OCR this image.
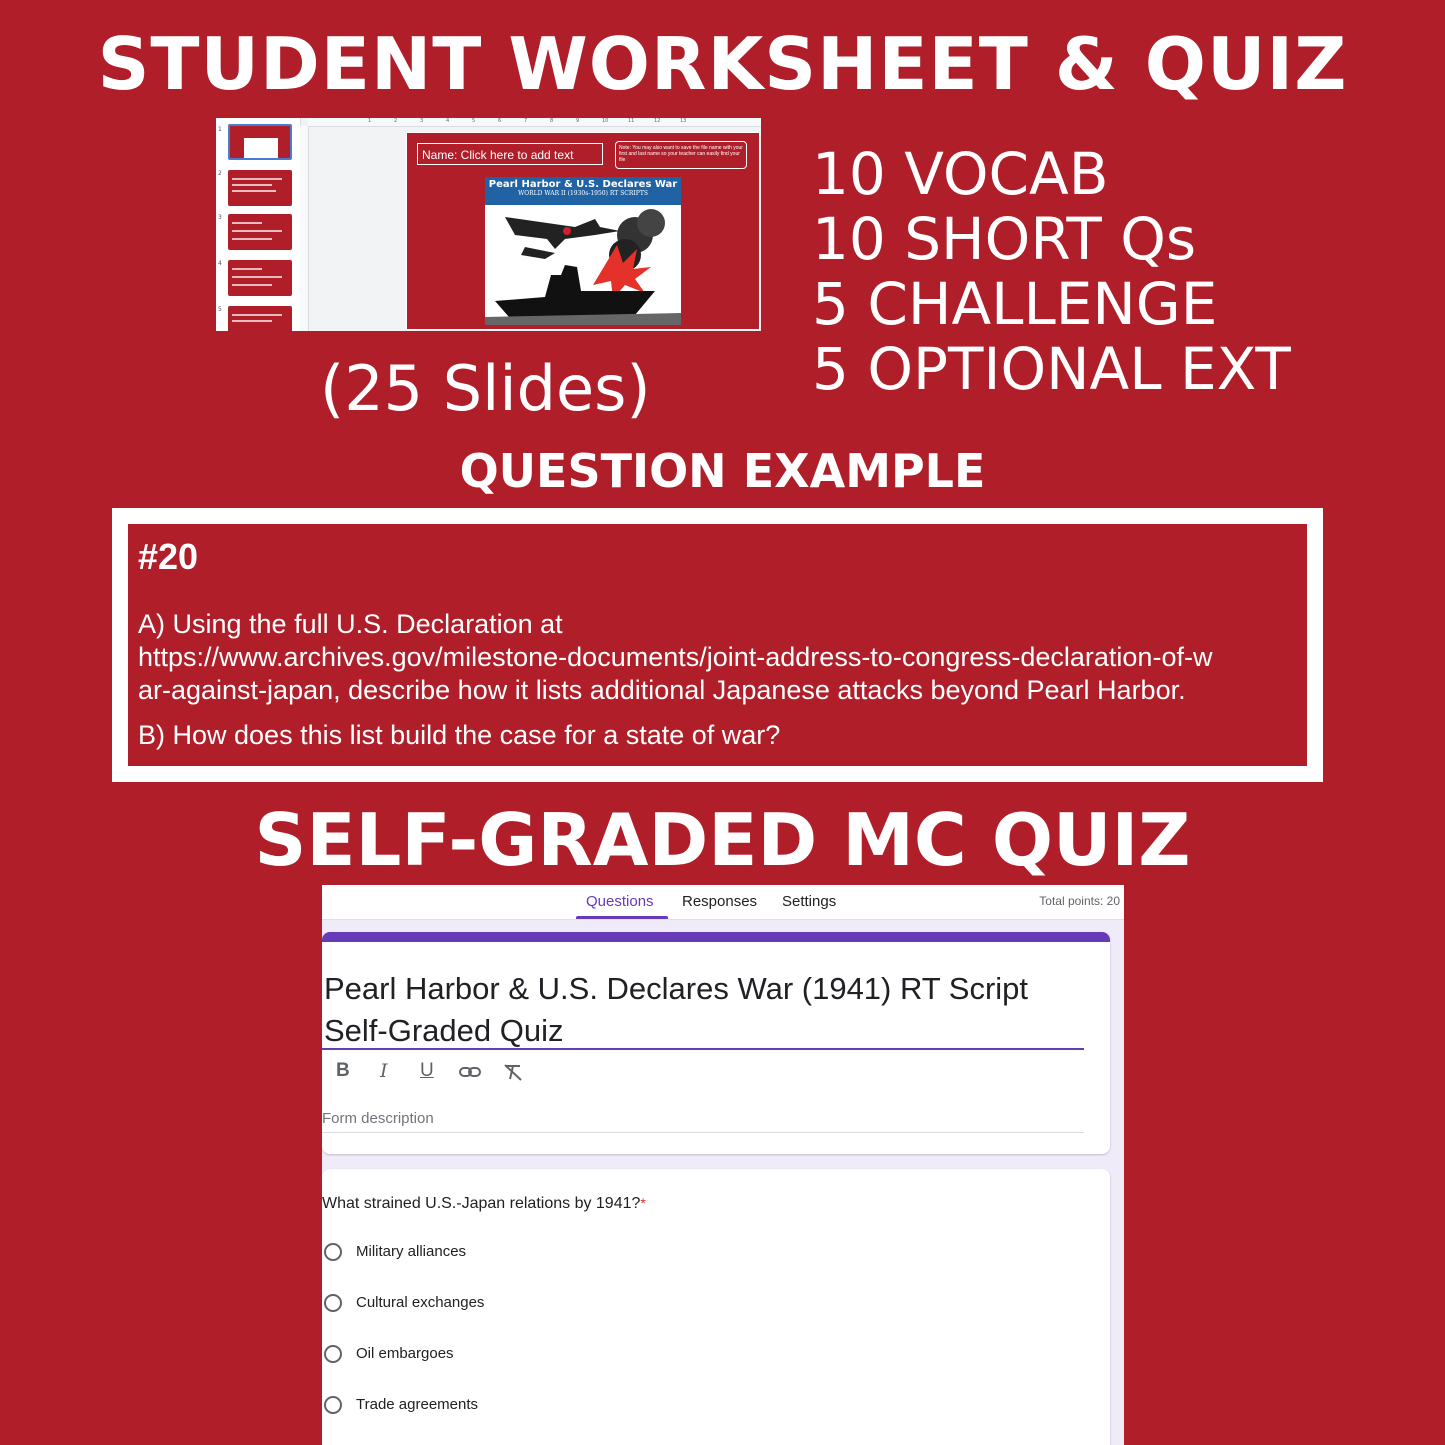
STUDENT WORKSHEET & QUIZ
1
2
3
4
5
1	2	3	4	5	6	7	8	9	10	11	12	13
Name: Click here to add text	Note: You may also want to save the file name with your first and last name so your teacher can easily find your file
Pearl Harbor & U.S. Declares War
WORLD WAR II (1930s-1950) RT SCRIPTS	10 VOCAB
10 SHORT Qs
5 CHALLENGE
5 OPTIONAL EXT
(25 Slides)
QUESTION EXAMPLE
#20
A) Using the full U.S. Declaration at
https://www.archives.gov/milestone-documents/joint-address-to-congress-declaration-of-w
ar-against-japan, describe how it lists additional Japanese attacks beyond Pearl Harbor.
B) How does this list build the case for a state of war?
SELF-GRADED MC QUIZ
Questions Responses Settings	Total points: 20
Pearl Harbor & U.S. Declares War (1941) RT Script Self-Graded Quiz
B I U
Form description
What strained U.S.-Japan relations by 1941?*
Military alliances
Cultural exchanges
Oil embargoes
Trade agreements
